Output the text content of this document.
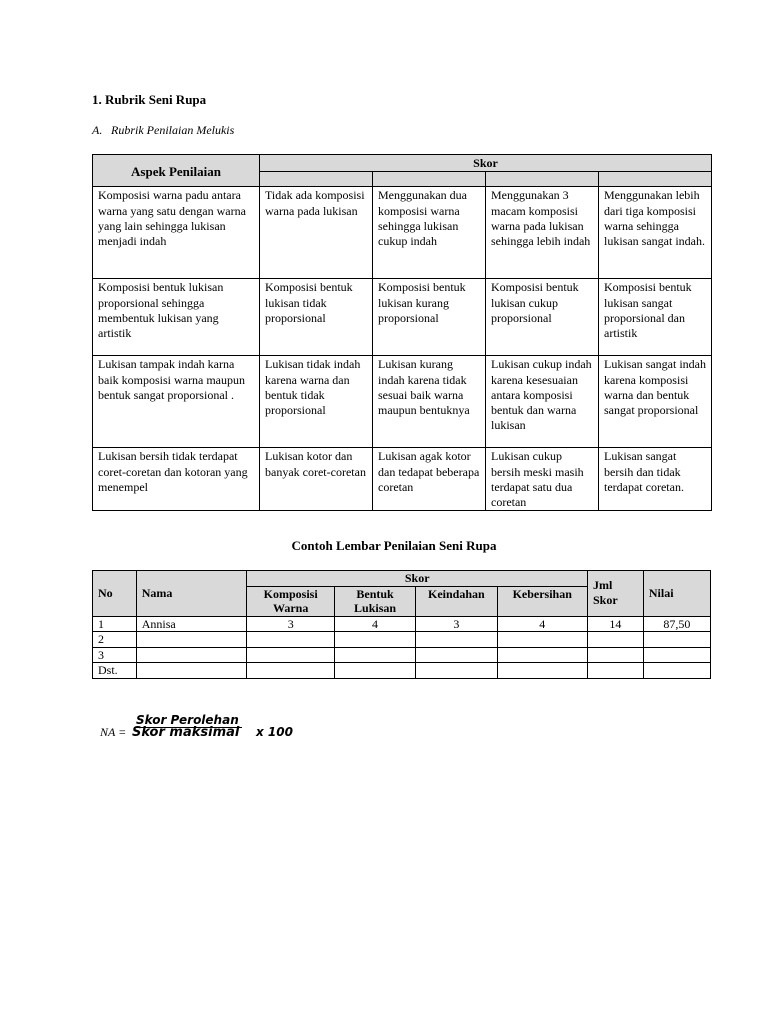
1. Rubrik Seni Rupa
A. Rubrik Penilaian Melukis
Aspek Penilaian	Skor			

Komposisi warna padu antara warna yang satu dengan warna yang lain sehingga lukisan menjadi indah	Tidak ada komposisi warna pada lukisan	Menggunakan dua komposisi warna sehingga lukisan cukup indah	Menggunakan 3 macam komposisi warna pada lukisan sehingga lebih indah	Menggunakan lebih dari tiga komposisi warna sehingga lukisan sangat indah.
Komposisi bentuk lukisan proporsional sehingga membentuk lukisan yang artistik	Komposisi bentuk lukisan tidak proporsional	Komposisi bentuk lukisan kurang proporsional	Komposisi bentuk lukisan cukup proporsional	Komposisi bentuk lukisan sangat proporsional dan artistik
Lukisan tampak indah karna baik komposisi warna maupun bentuk sangat proporsional .	Lukisan tidak indah karena warna dan bentuk tidak proporsional	Lukisan kurang indah karena tidak sesuai baik warna maupun bentuknya	Lukisan cukup indah karena kesesuaian antara komposisi bentuk dan warna lukisan	Lukisan sangat indah karena komposisi warna dan bentuk sangat proporsional
Lukisan bersih tidak terdapat coret-coretan dan kotoran yang menempel	Lukisan kotor dan banyak coret-coretan	Lukisan agak kotor dan tedapat beberapa coretan	Lukisan cukup bersih meski masih terdapat satu dua coretan	Lukisan sangat bersih dan tidak terdapat coretan.
Contoh Lembar Penilaian Seni Rupa
No	Nama	Skor				Jml Skor	Nilai
		Komposisi Warna	Bentuk Lukisan	Keindahan	Kebersihan		
1	Annisa	3	4	3	4	14	87,50
2							
3							
Dst.							
NA =
Skor Perolehan
Skor maksimal x 100
